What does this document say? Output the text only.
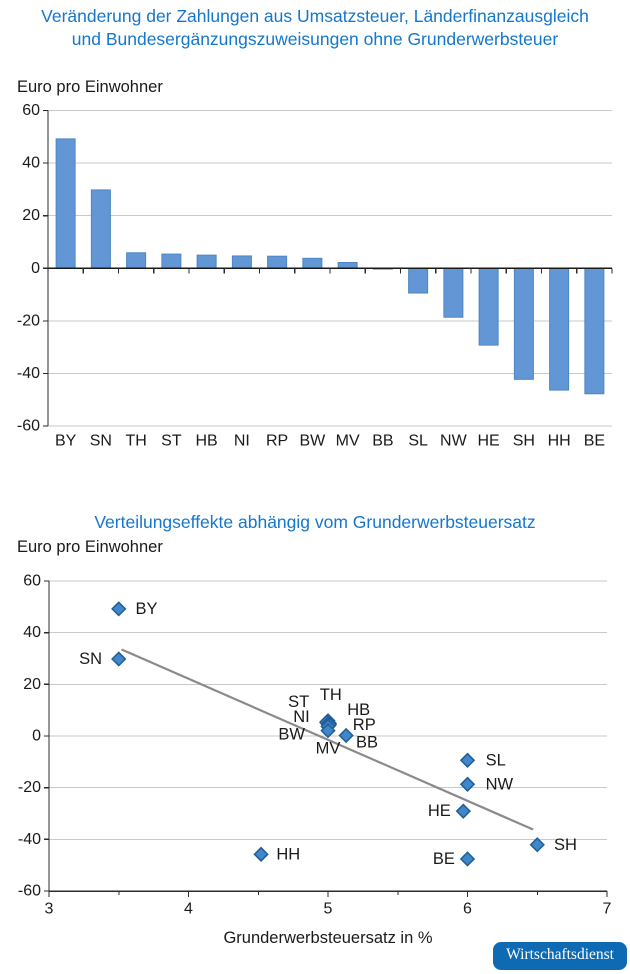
Veränderung der Zahlungen aus Umsatzsteuer, Länderfinanzausgleich
und Bundesergänzungszuweisungen ohne Grunderwerbsteuer
Euro pro Einwohner
-60
-40
-20
0
20
40
60
BY SN TH ST HB NI RP BW MV BB SL NW HE SH HH BE
-60
-40
-20
0
20
40
60
3	4	5	6	7
BY
SN
TH
ST HB
NI	RP
BW
MV BB
SL
NW
HE
SH
HH	BE
Verteilungseffekte abhängig vom Grunderwerbsteuersatz
Euro pro Einwohner
Grunderwerbsteuersatz in %
Wirtschaftsdienst
